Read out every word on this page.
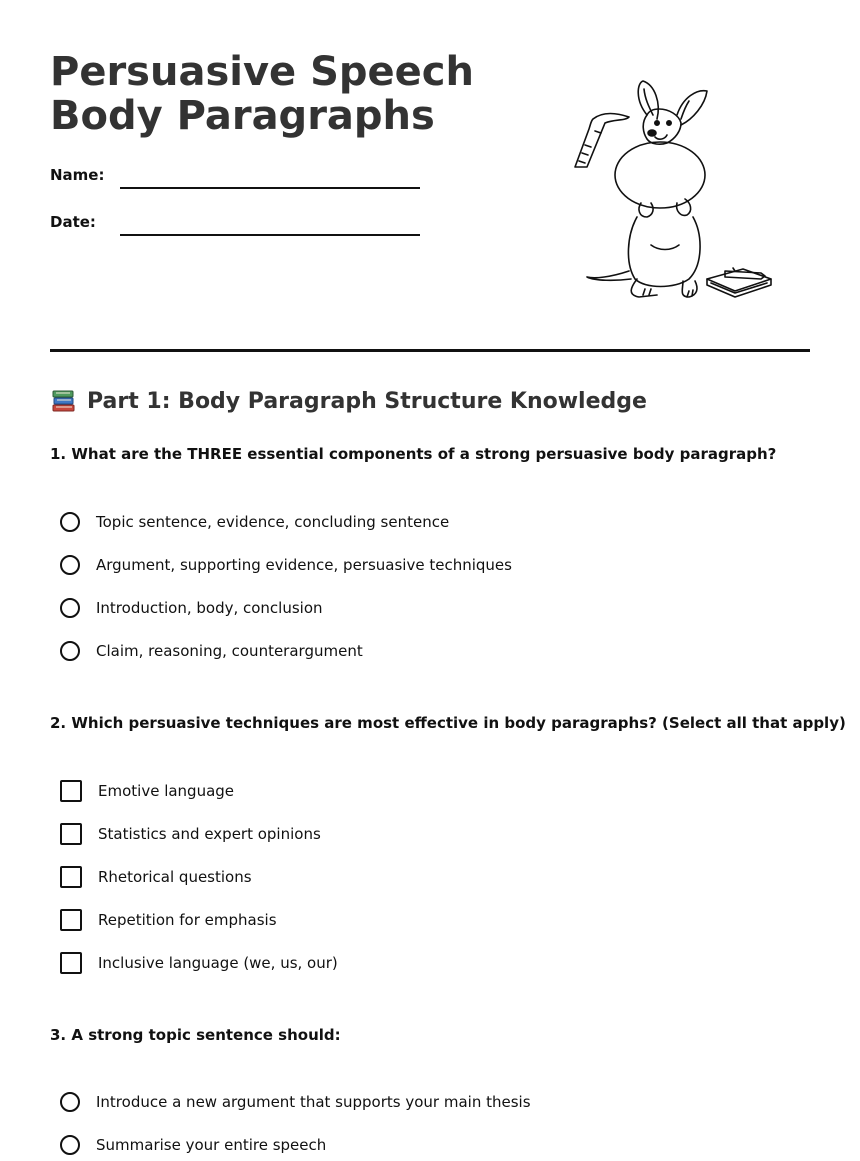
Persuasive Speech Body Paragraphs
Name:
Date:
Part 1: Body Paragraph Structure Knowledge

1. What are the THREE essential components of a strong persuasive body paragraph?

Topic sentence, evidence, concluding sentence
Argument, supporting evidence, persuasive techniques
Introduction, body, conclusion
Claim, reasoning, counterargument

2. Which persuasive techniques are most effective in body paragraphs? (Select all that apply)

Emotive language
Statistics and expert opinions
Rhetorical questions
Repetition for emphasis
Inclusive language (we, us, our)

3. A strong topic sentence should:

Introduce a new argument that supports your main thesis
Summarise your entire speech
